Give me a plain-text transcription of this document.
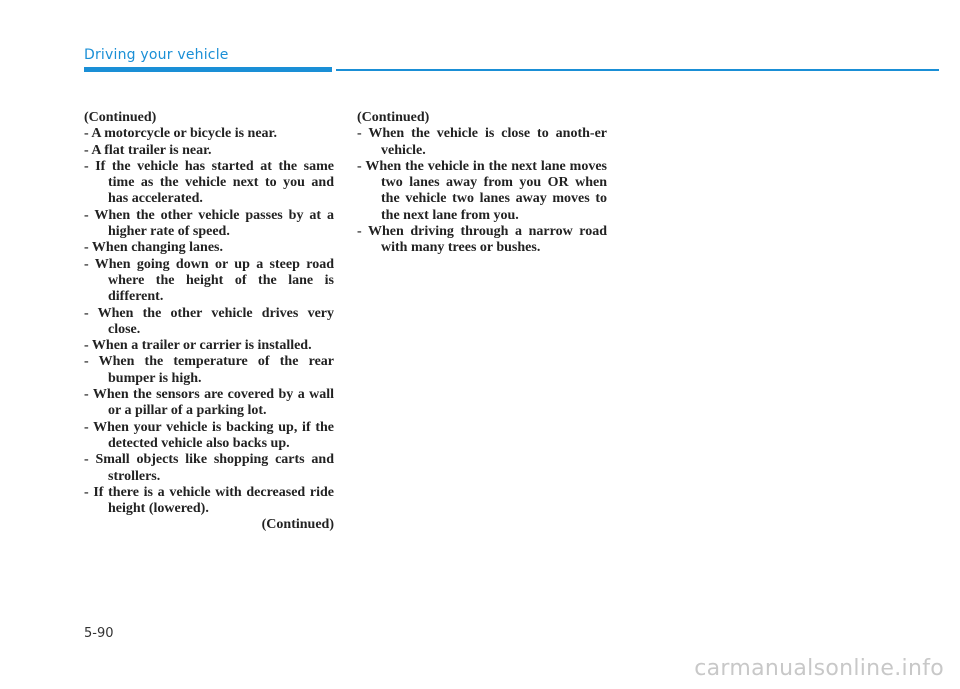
Driving your vehicle

(Continued)

- A motorcycle or bicycle is near.

- A flat trailer is near.

- If the vehicle has started at the same time as the vehicle next to you and has accelerated.

- When the other vehicle passes by at a higher rate of speed.

- When changing lanes.

- When going down or up a steep road where the height of the lane is different.

- When the other vehicle drives very close.

- When a trailer or carrier is installed.

- When the temperature of the rear bumper is high.

- When the sensors are covered by a wall or a pillar of a parking lot.

- When your vehicle is backing up, if the detected vehicle also backs up.

- Small objects like shopping carts and strollers.

- If there is a vehicle with decreased ride height (lowered).

(Continued)

(Continued)

- When the vehicle is close to anoth-er vehicle.

- When the vehicle in the next lane moves two lanes away from you OR when the vehicle two lanes away moves to the next lane from you.

- When driving through a narrow road with many trees or bushes.

5-90
carmanualsonline.info
